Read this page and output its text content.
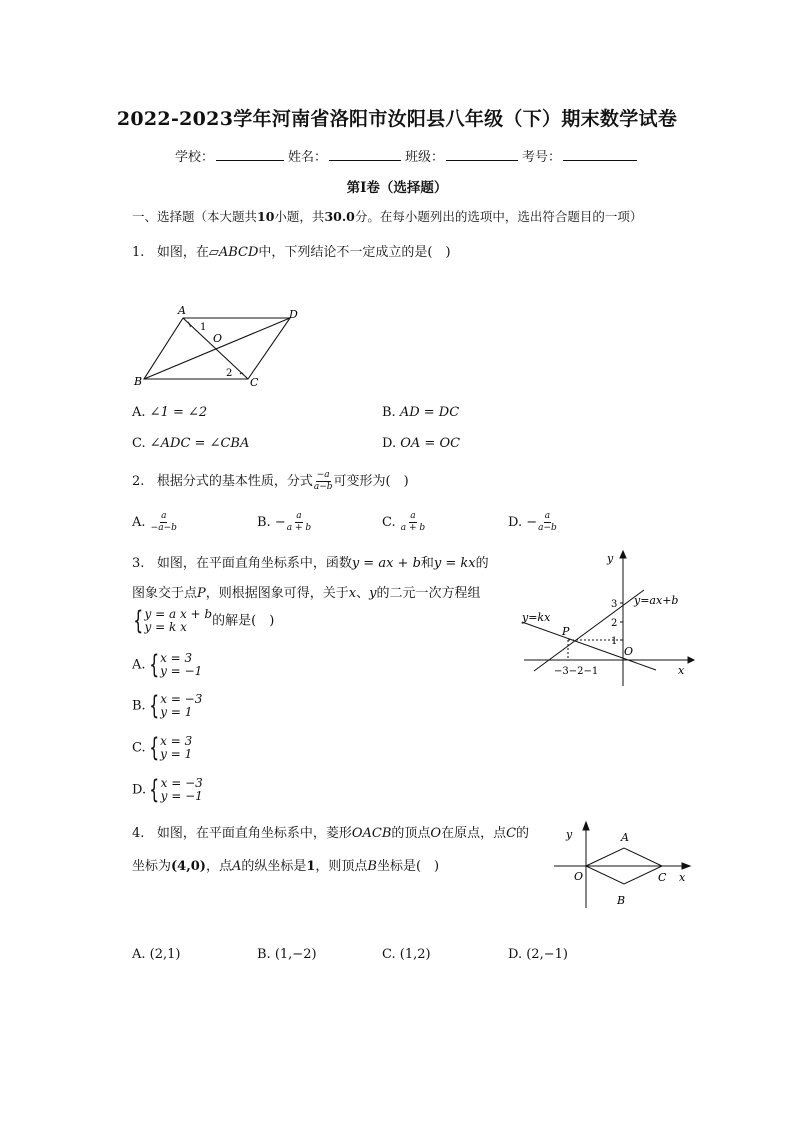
2022-2023学年河南省洛阳市汝阳县八年级（下）期末数学试卷
学校：	姓名：	班级：	考号：
第I卷（选择题）
一、选择题（本大题共10小题，共30.0分。在每小题列出的选项中，选出符合题目的一项）
1. 如图，在▱ABCD中，下列结论不一定成立的是(　)
A	D
B	C
O
1
2
A. ∠1 = ∠2	B. AD = DC
C. ∠ADC = ∠CBA	D. OA = OC
2. 根据分式的基本性质，分式 $\frac{-a}{a-b}$ 可变形为(　)
A. $\frac{a}{-a-b}$	B. − $\frac{a}{a + b}$	C. $\frac{a}{a + b}$	D. − $\frac{a}{a-b}$
3. 如图，在平面直角坐标系中，函数y = ax + b和y = kx的
图象交于点P，则根据图象可得，关于x、y的二元一次方程组
{ y = a x + b
y = k x	的解是(　)
A. { x = 3
y = −1
B. { x = −3
y = 1
C. { x = 3
y = 1
D. { x = −3
y = −1
y
x
O
P
y=ax+b
y=kx
3
2
1
−3−2−1
4. 如图，在平面直角坐标系中，菱形OACB的顶点O在原点，点C的
坐标为(4,0)，点A的纵坐标是1，则顶点B坐标是(　)
y
x
O
A
B
C
A. (2,1)	B. (1,−2)	C. (1,2)	D. (2,−1)
